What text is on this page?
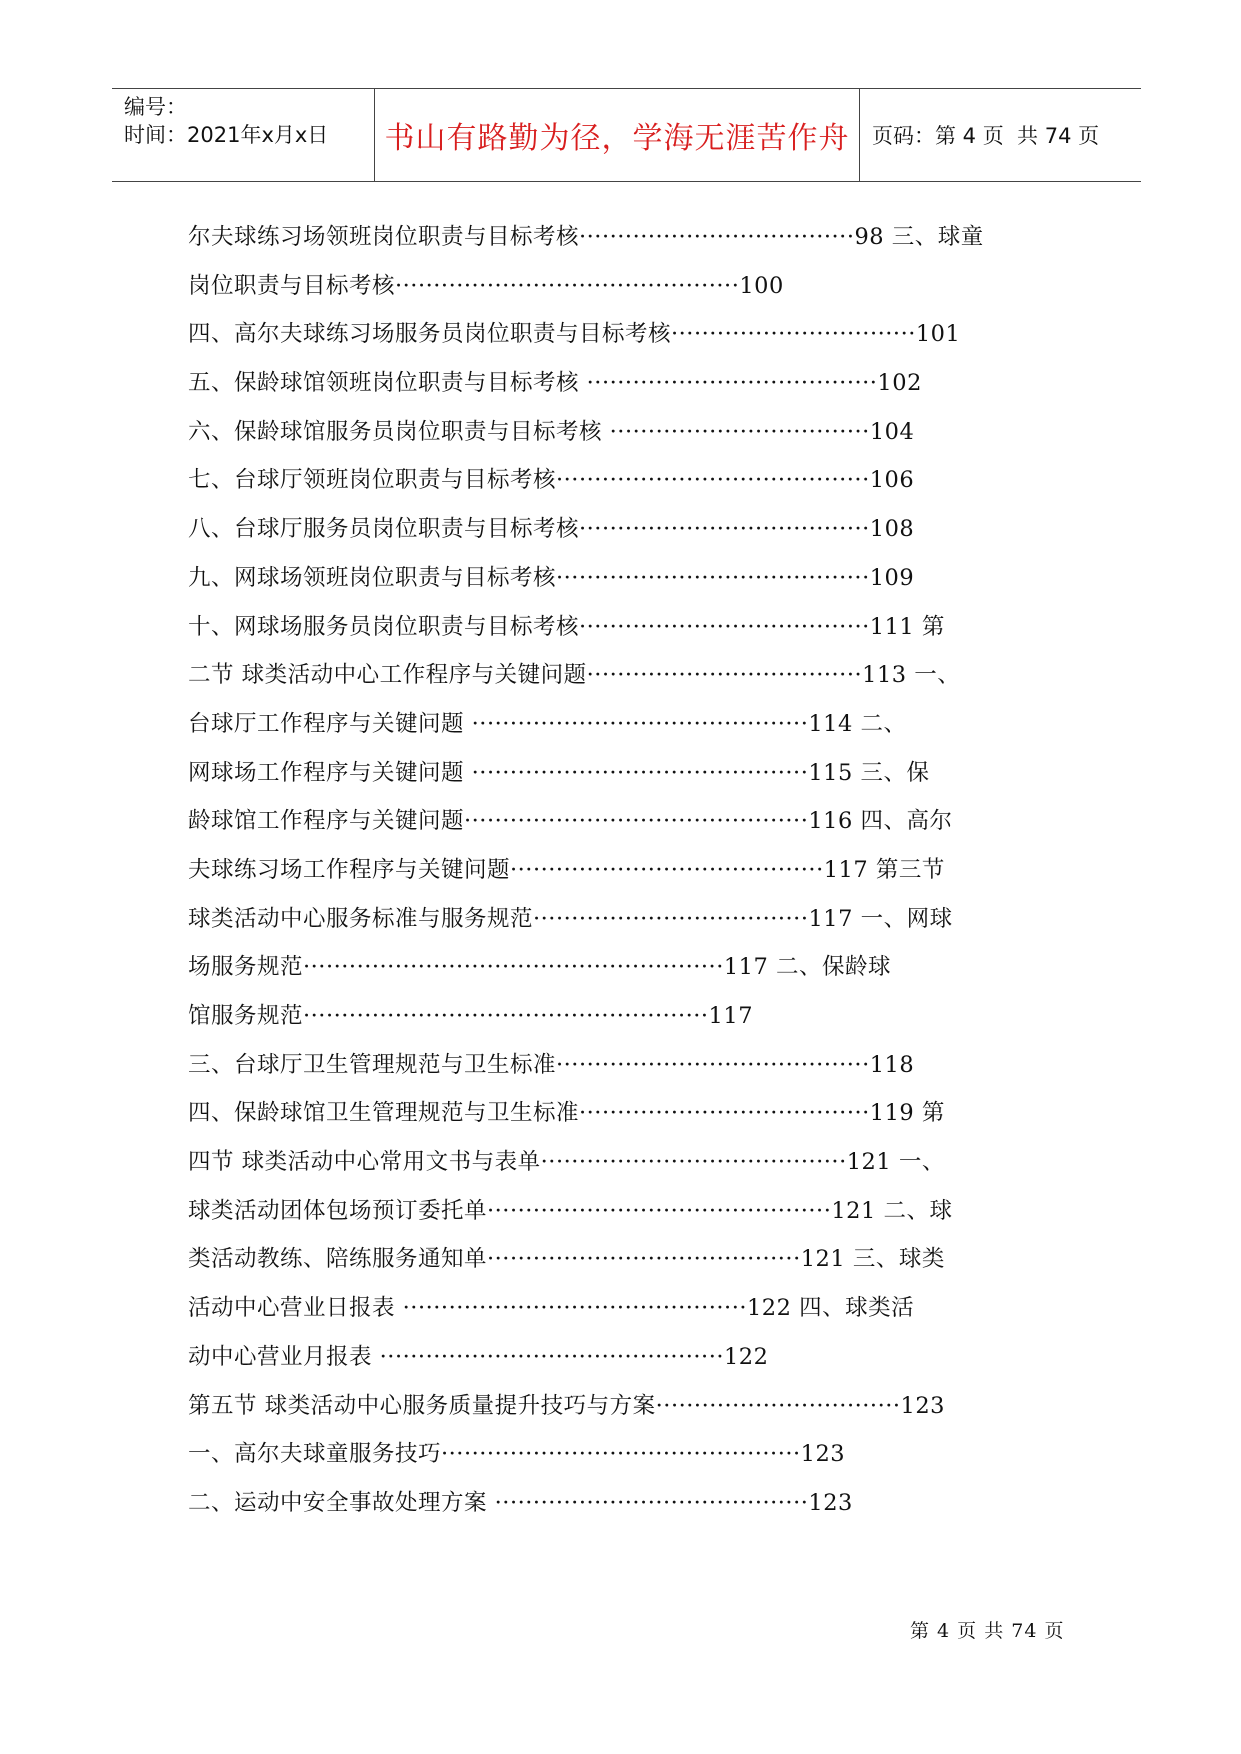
编号：
时间：2021年x月x日	书山有路勤为径，学海无涯苦作舟	页码：第 4 页  共 74 页
尔夫球练习场领班岗位职责与目标考核····································98 三、球童
岗位职责与目标考核·············································100
四、高尔夫球练习场服务员岗位职责与目标考核································101
五、保龄球馆领班岗位职责与目标考核 ······································102
六、保龄球馆服务员岗位职责与目标考核 ··································104
七、台球厅领班岗位职责与目标考核·········································106
八、台球厅服务员岗位职责与目标考核······································108
九、网球场领班岗位职责与目标考核·········································109
十、网球场服务员岗位职责与目标考核······································111 第
二节 球类活动中心工作程序与关键问题····································113 一、
台球厅工作程序与关键问题 ············································114 二、
网球场工作程序与关键问题 ············································115 三、保
龄球馆工作程序与关键问题·············································116 四、高尔
夫球练习场工作程序与关键问题·········································117 第三节
球类活动中心服务标准与服务规范····································117 一、网球
场服务规范·······················································117 二、保龄球
馆服务规范·····················································117
三、台球厅卫生管理规范与卫生标准·········································118
四、保龄球馆卫生管理规范与卫生标准······································119 第
四节 球类活动中心常用文书与表单········································121 一、
球类活动团体包场预订委托单·············································121 二、球
类活动教练、陪练服务通知单·········································121 三、球类
活动中心营业日报表 ·············································122 四、球类活
动中心营业月报表 ·············································122
第五节 球类活动中心服务质量提升技巧与方案································123
一、高尔夫球童服务技巧···············································123
二、运动中安全事故处理方案 ·········································123
第 4 页 共 74 页
